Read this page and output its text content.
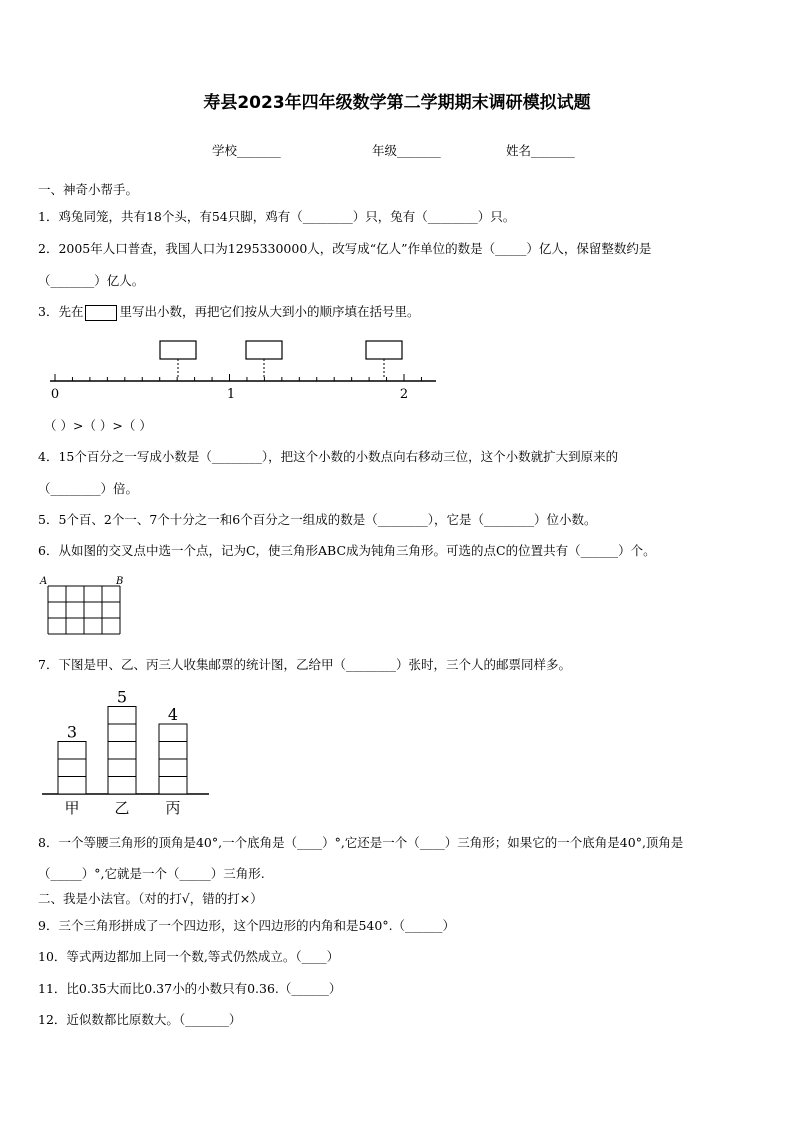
寿县2023年四年级数学第二学期期末调研模拟试题
学校_______	年级_______	姓名_______
一、神奇小帮手。
1．鸡兔同笼，共有18个头，有54只脚，鸡有（________）只，兔有（________）只。
2．2005年人口普查，我国人口为1295330000人，改写成“亿人”作单位的数是（_____）亿人，保留整数约是
（_______）亿人。
3．先在	里写出小数，再把它们按从大到小的顺序填在括号里。
0	1	2
（ ）>（ ）>（ ）
4．15个百分之一写成小数是（________），把这个小数的小数点向右移动三位，这个小数就扩大到原来的
（________）倍。
5．5个百、2个一、7个十分之一和6个百分之一组成的数是（________），它是（________）位小数。
6．从如图的交叉点中选一个点，记为C，使三角形ABC成为钝角三角形。可选的点C的位置共有（______）个。
A	B
7．下图是甲、乙、丙三人收集邮票的统计图，乙给甲（________）张时，三个人的邮票同样多。
3
甲
5
乙
4
丙
8．一个等腰三角形的顶角是40°,一个底角是（____）°,它还是一个（____）三角形；如果它的一个底角是40°,顶角是
（_____）°,它就是一个（_____）三角形.
二、我是小法官。（对的打√，错的打×）
9．三个三角形拼成了一个四边形，这个四边形的内角和是540°.（______）
10．等式两边都加上同一个数,等式仍然成立。（____）
11．比0.35大而比0.37小的小数只有0.36.（______）
12．近似数都比原数大。（_______）
